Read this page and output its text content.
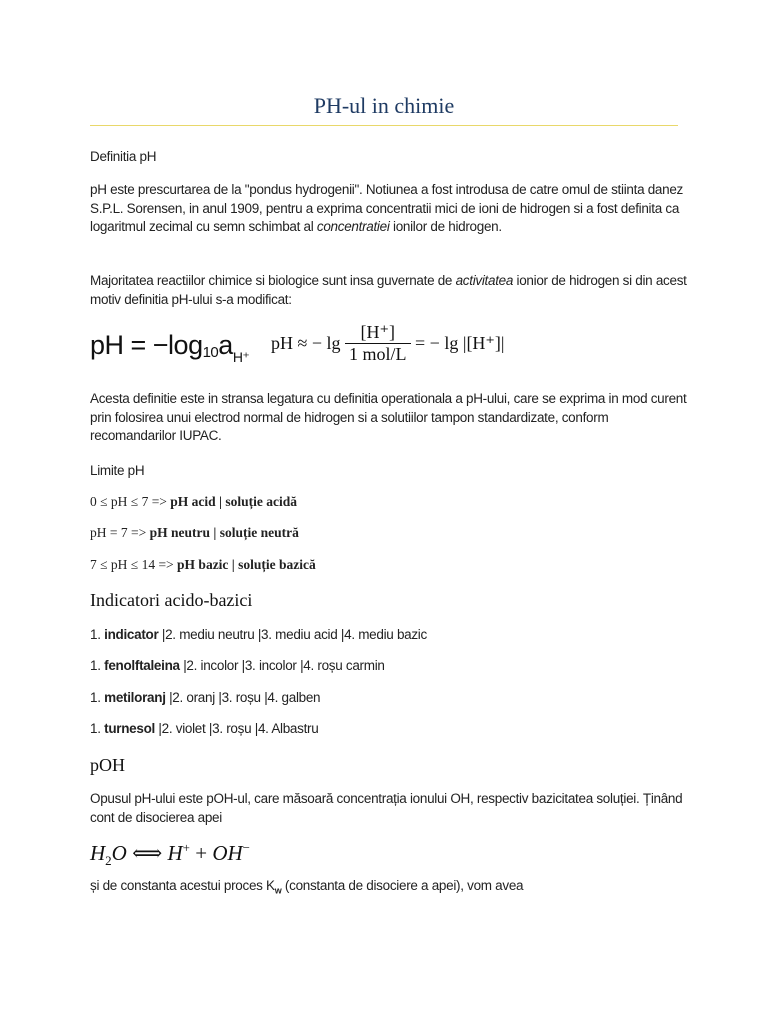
PH-ul in chimie
Definitia pH
pH este prescurtarea de la "pondus hydrogenii". Notiunea a fost introdusa de catre omul de stiinta danez S.P.L. Sorensen, in anul 1909, pentru a exprima concentratii mici de ioni de hidrogen si a fost definita ca logaritmul zecimal cu semn schimbat al concentratiei ionilor de hidrogen.
Majoritatea reactiilor chimice si biologice sunt insa guvernate de activitatea ionior de hidrogen si din acest motiv definitia pH-ului s-a modificat:
pH = $-\log_{10}a_{H^+}$
pH ≈ − $\lg \frac{[H^+]}{\text{1 mol/L}}$ = − lg |[H⁺]|
Acesta definitie este in stransa legatura cu definitia operationala a pH-ului, care se exprima in mod curent prin folosirea unui electrod normal de hidrogen si a solutiilor tampon standardizate, conform recomandarilor IUPAC.
Limite pH
0 ≤ pH ≤ 7 => pH acid | soluție acidă
pH = 7 => pH neutru | soluție neutră
7 ≤ pH ≤ 14 => pH bazic | soluție bazică
Indicatori acido-bazici
1. indicator |2. mediu neutru |3. mediu acid |4. mediu bazic
1. fenolftaleina |2. incolor |3. incolor |4. roșu carmin
1. metiloranj |2. oranj |3. roșu |4. galben
1. turnesol |2. violet |3. roșu |4. Albastru
pOH
Opusul pH-ului este pOH-ul, care măsoară concentrația ionului OH, respectiv bazicitatea soluției. Ținând cont de disocierea apei
$H_2O$ ⟺ H+ + OH−
și de constanta acestui proces $K_w$ (constanta de disociere a apei), vom avea
